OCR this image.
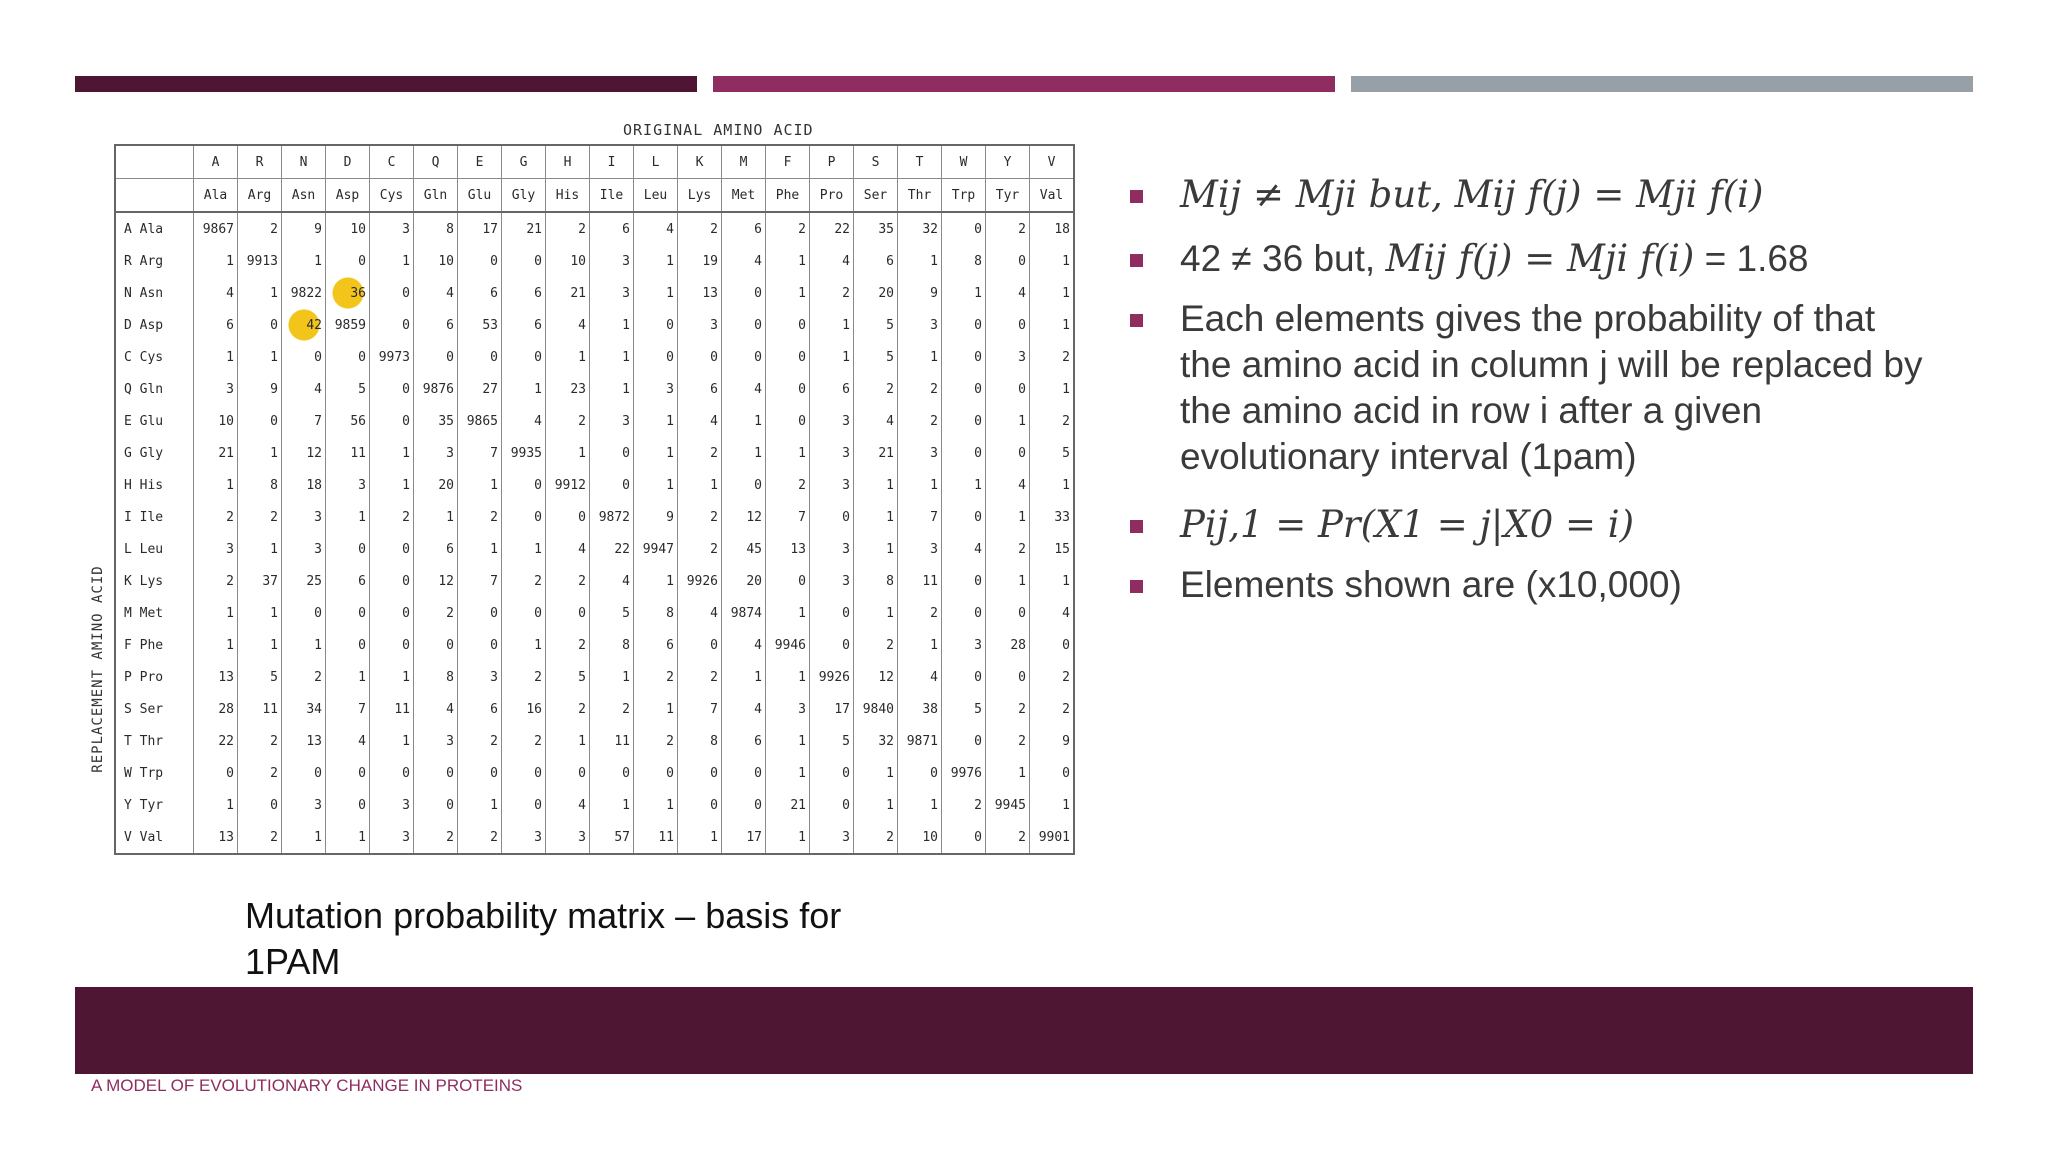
ORIGINAL AMINO ACID
REPLACEMENT AMINO ACID
	A	R	N	D	C	Q	E	G	H	I	L	K	M	F	P	S	T	W	Y	V
	Ala	Arg	Asn	Asp	Cys	Gln	Glu	Gly	His	Ile	Leu	Lys	Met	Phe	Pro	Ser	Thr	Trp	Tyr	Val
A Ala	9867	2	9	10	3	8	17	21	2	6	4	2	6	2	22	35	32	0	2	18
R Arg	1	9913	1	0	1	10	0	0	10	3	1	19	4	1	4	6	1	8	0	1
N Asn	4	1	9822	36	0	4	6	6	21	3	1	13	0	1	2	20	9	1	4	1
D Asp	6	0	42	9859	0	6	53	6	4	1	0	3	0	0	1	5	3	0	0	1
C Cys	1	1	0	0	9973	0	0	0	1	1	0	0	0	0	1	5	1	0	3	2
Q Gln	3	9	4	5	0	9876	27	1	23	1	3	6	4	0	6	2	2	0	0	1
E Glu	10	0	7	56	0	35	9865	4	2	3	1	4	1	0	3	4	2	0	1	2
G Gly	21	1	12	11	1	3	7	9935	1	0	1	2	1	1	3	21	3	0	0	5
H His	1	8	18	3	1	20	1	0	9912	0	1	1	0	2	3	1	1	1	4	1
I Ile	2	2	3	1	2	1	2	0	0	9872	9	2	12	7	0	1	7	0	1	33
L Leu	3	1	3	0	0	6	1	1	4	22	9947	2	45	13	3	1	3	4	2	15
K Lys	2	37	25	6	0	12	7	2	2	4	1	9926	20	0	3	8	11	0	1	1
M Met	1	1	0	0	0	2	0	0	0	5	8	4	9874	1	0	1	2	0	0	4
F Phe	1	1	1	0	0	0	0	1	2	8	6	0	4	9946	0	2	1	3	28	0
P Pro	13	5	2	1	1	8	3	2	5	1	2	2	1	1	9926	12	4	0	0	2
S Ser	28	11	34	7	11	4	6	16	2	2	1	7	4	3	17	9840	38	5	2	2
T Thr	22	2	13	4	1	3	2	2	1	11	2	8	6	1	5	32	9871	0	2	9
W Trp	0	2	0	0	0	0	0	0	0	0	0	0	0	1	0	1	0	9976	1	0
Y Tyr	1	0	3	0	3	0	1	0	4	1	1	0	0	21	0	1	1	2	9945	1
V Val	13	2	1	1	3	2	2	3	3	57	11	1	17	1	3	2	10	0	2	9901
Mutation probability matrix – basis for 1PAM
Mij ≠ Mji but, Mij f(j) = Mji f(i)
42 ≠ 36 but, Mij f(j) = Mji f(i) = 1.68
Each elements gives the probability of that the amino acid in column j will be replaced by the amino acid in row i after a given evolutionary interval (1pam)
Pij,1 = Pr(X1 = j|X0 = i)
Elements shown are (x10,000)
A MODEL OF EVOLUTIONARY CHANGE IN PROTEINS
